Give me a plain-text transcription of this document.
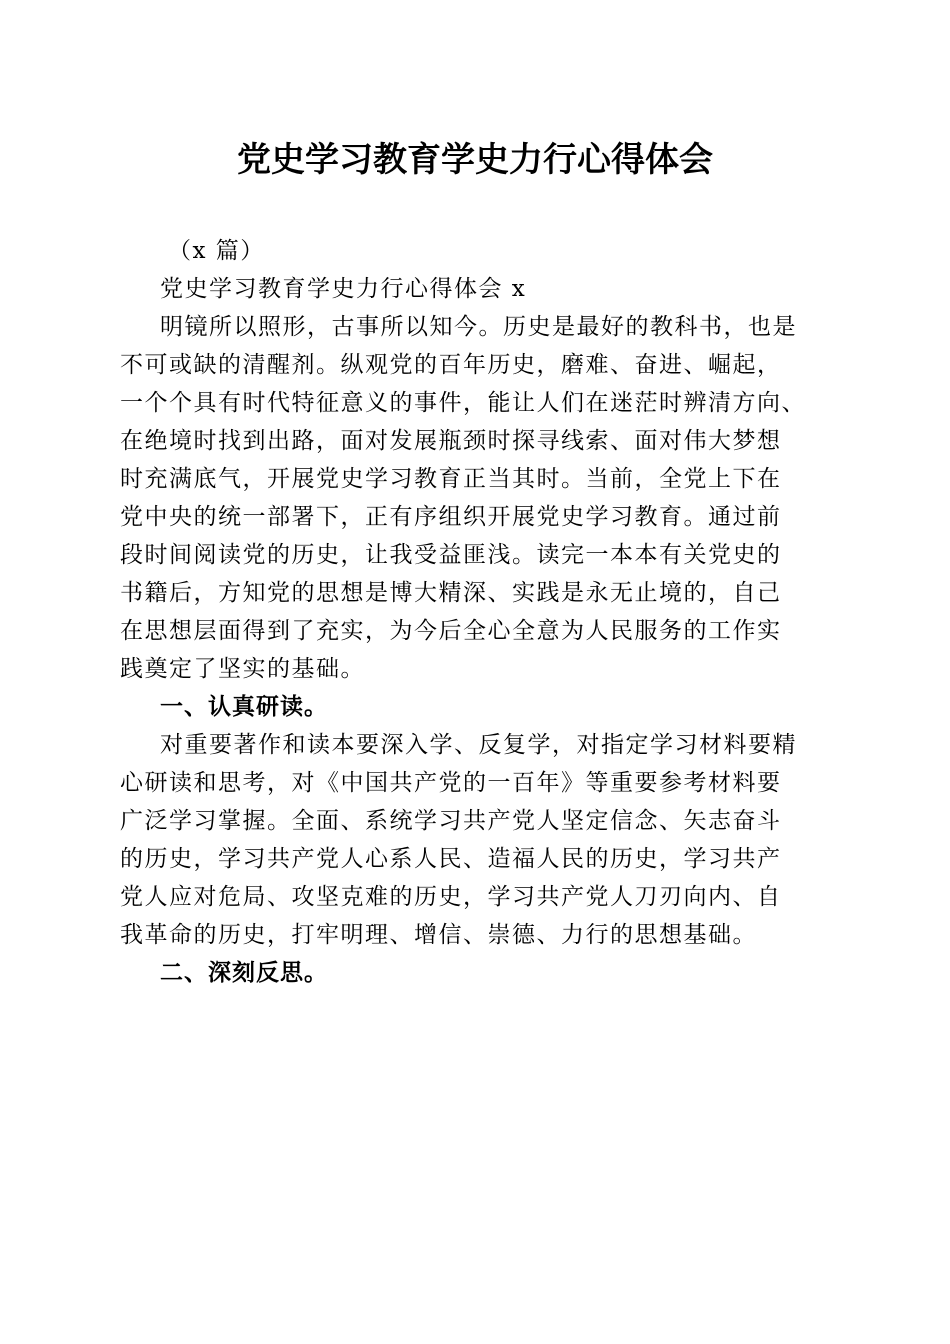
党史学习教育学史力行心得体会
（x 篇）
党史学习教育学史力行心得体会 x
明镜所以照形，古事所以知今。历史是最好的教科书，也是
不可或缺的清醒剂。纵观党的百年历史，磨难、奋进、崛起，
一个个具有时代特征意义的事件，能让人们在迷茫时辨清方向、
在绝境时找到出路，面对发展瓶颈时探寻线索、面对伟大梦想
时充满底气，开展党史学习教育正当其时。当前，全党上下在
党中央的统一部署下，正有序组织开展党史学习教育。通过前
段时间阅读党的历史，让我受益匪浅。读完一本本有关党史的
书籍后，方知党的思想是博大精深、实践是永无止境的，自己
在思想层面得到了充实，为今后全心全意为人民服务的工作实
践奠定了坚实的基础。
一、认真研读。
对重要著作和读本要深入学、反复学，对指定学习材料要精
心研读和思考，对《中国共产党的一百年》等重要参考材料要
广泛学习掌握。全面、系统学习共产党人坚定信念、矢志奋斗
的历史，学习共产党人心系人民、造福人民的历史，学习共产
党人应对危局、攻坚克难的历史，学习共产党人刀刃向内、自
我革命的历史，打牢明理、增信、崇德、力行的思想基础。
二、深刻反思。
